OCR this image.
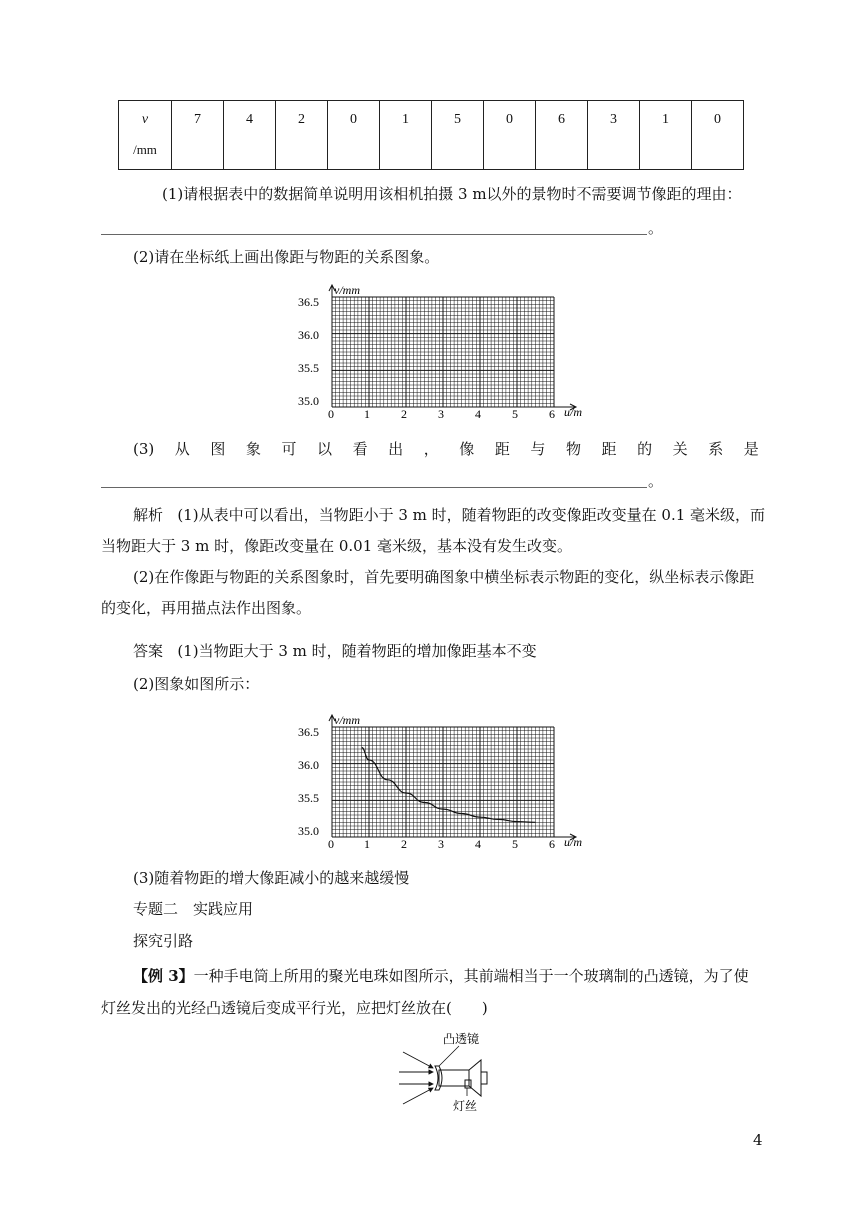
v
/mm

7	4	2	0	1	5	0	6	3	1	0
(1)请根据表中的数据简单说明用该相机拍摄 3 m以外的景物时不需要调节像距的理由：
。
(2)请在坐标纸上画出像距与物距的关系图象。
v/mm
u/m
36.5
36.0
35.5
35.0
0	1	2	3	4	5	6
(3) 从 图 象 可 以 看 出 ， 像 距 与 物 距 的 关 系 是
。
解析 (1)从表中可以看出，当物距小于 3 m 时，随着物距的改变像距改变量在 0.1 毫米级，而
当物距大于 3 m 时，像距改变量在 0.01 毫米级，基本没有发生改变。
(2)在作像距与物距的关系图象时，首先要明确图象中横坐标表示物距的变化，纵坐标表示像距
的变化，再用描点法作出图象。
答案 (1)当物距大于 3 m 时，随着物距的增加像距基本不变
(2)图象如图所示：
v/mm
u/m
36.5
36.0
35.5
35.0
0	1	2	3	4	5	6
(3)随着物距的增大像距减小的越来越缓慢
专题二　实践应用
探究引路
【例 3】一种手电筒上所用的聚光电珠如图所示，其前端相当于一个玻璃制的凸透镜，为了使
灯丝发出的光经凸透镜后变成平行光，应把灯丝放在(　　)
凸透镜
灯丝
4
